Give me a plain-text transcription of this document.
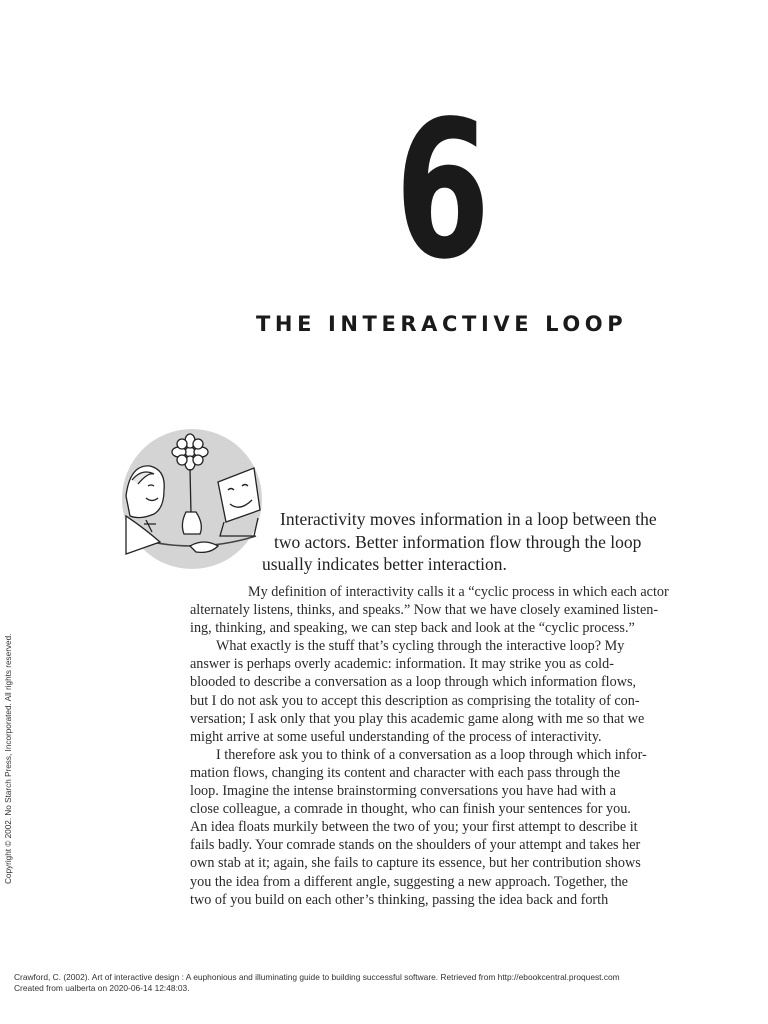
6
THE INTERACTIVE LOOP
Interactivity moves information in a loop between the
two actors. Better information flow through the loop
usually indicates better interaction.
My definition of interactivity calls it a “cyclic process in which each actor
alternately listens, thinks, and speaks.” Now that we have closely examined listen-
ing, thinking, and speaking, we can step back and look at the “cyclic process.”
What exactly is the stuff that’s cycling through the interactive loop? My
answer is perhaps overly academic: information. It may strike you as cold-
blooded to describe a conversation as a loop through which information flows,
but I do not ask you to accept this description as comprising the totality of con-
versation; I ask only that you play this academic game along with me so that we
might arrive at some useful understanding of the process of interactivity.
I therefore ask you to think of a conversation as a loop through which infor-
mation flows, changing its content and character with each pass through the
loop. Imagine the intense brainstorming conversations you have had with a
close colleague, a comrade in thought, who can finish your sentences for you.
An idea floats murkily between the two of you; your first attempt to describe it
fails badly. Your comrade stands on the shoulders of your attempt and takes her
own stab at it; again, she fails to capture its essence, but her contribution shows
you the idea from a different angle, suggesting a new approach. Together, the
two of you build on each other’s thinking, passing the idea back and forth
Copyright © 2002. No Starch Press, Incorporated. All rights reserved.
Crawford, C. (2002). Art of interactive design : A euphonious and illuminating guide to building successful software. Retrieved from http://ebookcentral.proquest.com
Created from ualberta on 2020-06-14 12:48:03.
